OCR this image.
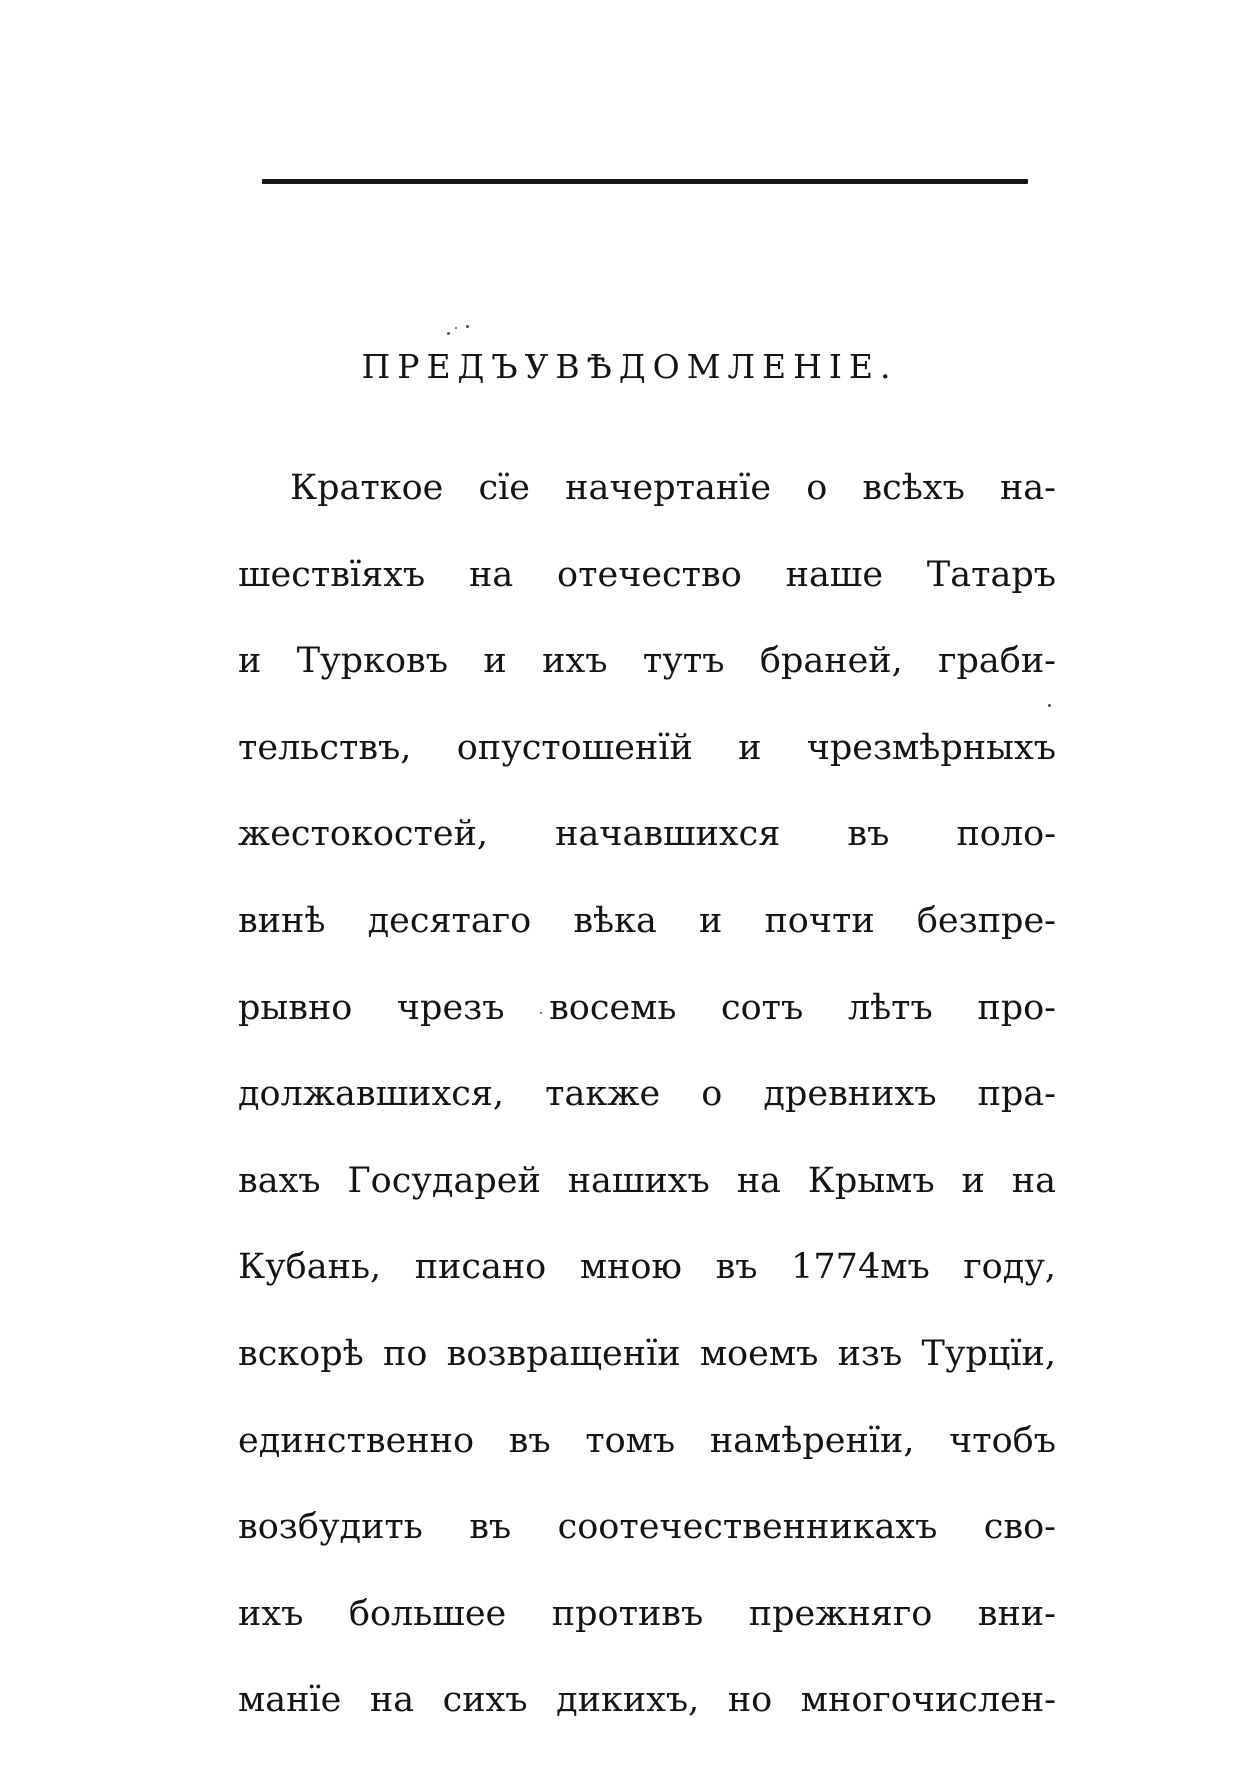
ПРЕДЪУВѢДОМЛЕНІЕ.
Краткое сїе начертанїе о всѣхъ на-
шествїяхъ на отечество наше Татаръ
и Турковъ и ихъ тутъ браней, граби-
тельствъ, опустошенїй и чрезмѣрныхъ
жестокостей, начавшихся въ поло-
винѣ десятаго вѣка и почти безпре-
рывно чрезъ восемь сотъ лѣтъ про-
должавшихся, также о древнихъ пра-
вахъ Государей нашихъ на Крымъ и на
Кубань, писано мною въ 1774мъ году,
вскорѣ по возвращенїи моемъ изъ Турцїи,
единственно въ томъ намѣренїи, чтобъ
возбудить въ соотечественникахъ сво-
ихъ большее противъ прежняго вни-
манїе на сихъ дикихъ, но многочислен-
